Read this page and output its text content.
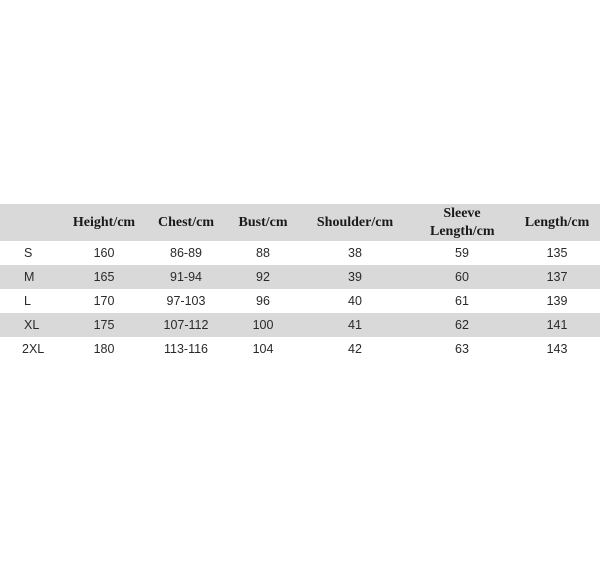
	Height/cm	Chest/cm	Bust/cm	Shoulder/cm	Sleeve Length/cm	Length/cm
S	160	86-89	88	38	59	135
M	165	91-94	92	39	60	137
L	170	97-103	96	40	61	139
XL	175	107-112	100	41	62	141
2XL	180	113-116	104	42	63	143
